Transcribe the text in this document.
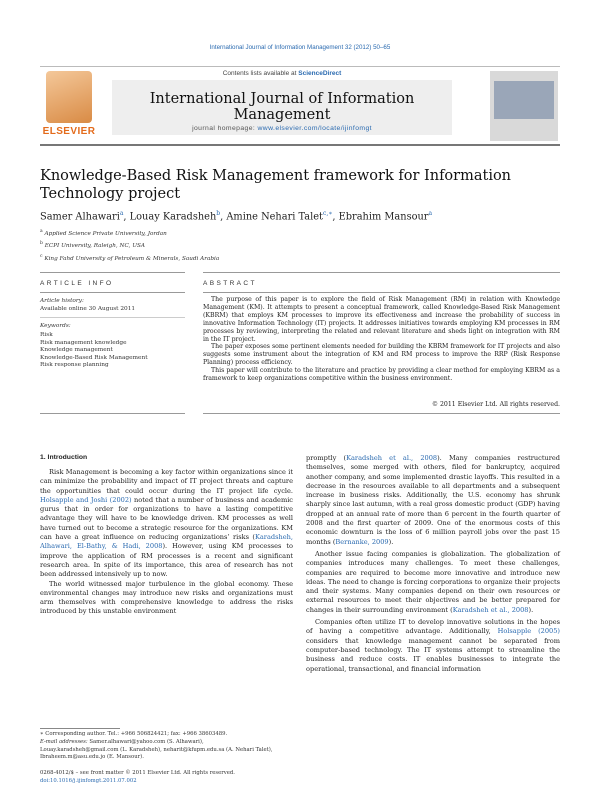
International Journal of Information Management 32 (2012) 50–65
ELSEVIER
Contents lists available at ScienceDirect
International Journal of Information Management
journal homepage: www.elsevier.com/locate/ijinfomgt
Knowledge-Based Risk Management framework for Information Technology project
Samer Alhawari$^a$, Louay Karadsheh$^b$, Amine Nehari Talet$^{c,∗}$, Ebrahim Mansour$^a$
$^a$ Applied Science Private University, Jordan
$^b$ ECPI University, Raleigh, NC, USA
$^c$ King Fahd University of Petroleum & Minerals, Saudi Arabia
ARTICLE INFO	ABSTRACT
Article history:
Available online 30 August 2011
Keywords:
Risk
Risk management knowledge
Knowledge management
Knowledge-Based Risk Management
Risk response planning

The purpose of this paper is to explore the field of Risk Management (RM) in relation with Knowledge Management (KM). It attempts to present a conceptual framework, called Knowledge-Based Risk Management (KBRM) that employs KM processes to improve its effectiveness and increase the probability of success in innovative Information Technology (IT) projects. It addresses initiatives towards employing KM processes in RM processes by reviewing, interpreting the related and relevant literature and sheds light on integration with RM in the IT project.

The paper exposes some pertinent elements needed for building the KBRM framework for IT projects and also suggests some instrument about the integration of KM and RM process to improve the RRP (Risk Response Planning) process efficiency.

This paper will contribute to the literature and practice by providing a clear method for employing KBRM as a framework to keep organizations competitive within the business environment.

© 2011 Elsevier Ltd. All rights reserved.
1. Introduction

Risk Management is becoming a key factor within organizations since it can minimize the probability and impact of IT project threats and capture the opportunities that could occur during the IT project life cycle. Holsapple and Joshi (2002) noted that a number of business and academic gurus that in order for organizations to have a lasting competitive advantage they will have to be knowledge driven. KM processes as well have turned out to become a strategic resource for the organizations. KM can have a great influence on reducing organizations’ risks (Karadsheh, Alhawari, El-Bathy, & Hadi, 2008). However, using KM processes to improve the application of RM processes is a recent and significant research area. In spite of its importance, this area of research has not been addressed intensively up to now.

The world witnessed major turbulence in the global economy. These environmental changes may introduce new risks and organizations must arm themselves with comprehensive knowledge to address the risks introduced by this unstable environment

promptly (Karadsheh et al., 2008). Many companies restructured themselves, some merged with others, filed for bankruptcy, acquired another company, and some implemented drastic layoffs. This resulted in a decrease in the resources available to all departments and a subsequent increase in business risks. Additionally, the U.S. economy has shrunk sharply since last autumn, with a real gross domestic product (GDP) having dropped at an annual rate of more than 6 percent in the fourth quarter of 2008 and the first quarter of 2009. One of the enormous costs of this economic downturn is the loss of 6 million payroll jobs over the past 15 months (Bernanke, 2009).

Another issue facing companies is globalization. The globalization of companies introduces many challenges. To meet these challenges, companies are required to become more innovative and introduce new ideas. The need to change is forcing corporations to organize their projects and their systems. Many companies depend on their own resources or external resources to meet their objectives and be better prepared for changes in their surrounding environment (Karadsheh et al., 2008).

Companies often utilize IT to develop innovative solutions in the hopes of having a competitive advantage. Additionally, Holsapple (2005) considers that knowledge management cannot be separated from computer-based technology. The IT systems attempt to streamline the business and reduce costs. IT enables businesses to integrate the operational, transactional, and financial information

∗ Corresponding author. Tel.: +966 506824421; fax: +966 38603489.
E-mail addresses: Samer.alhawari@yahoo.com (S. Alhawari),
Louay.karadsheh@gmail.com (L. Karadsheh), neharit@kfupm.edu.sa (A. Nehari Talet),
Ibraheem.m@asu.edu.jo (E. Mansour).
0268-4012/$ – see front matter © 2011 Elsevier Ltd. All rights reserved.
doi:10.1016/j.ijinfomgt.2011.07.002
